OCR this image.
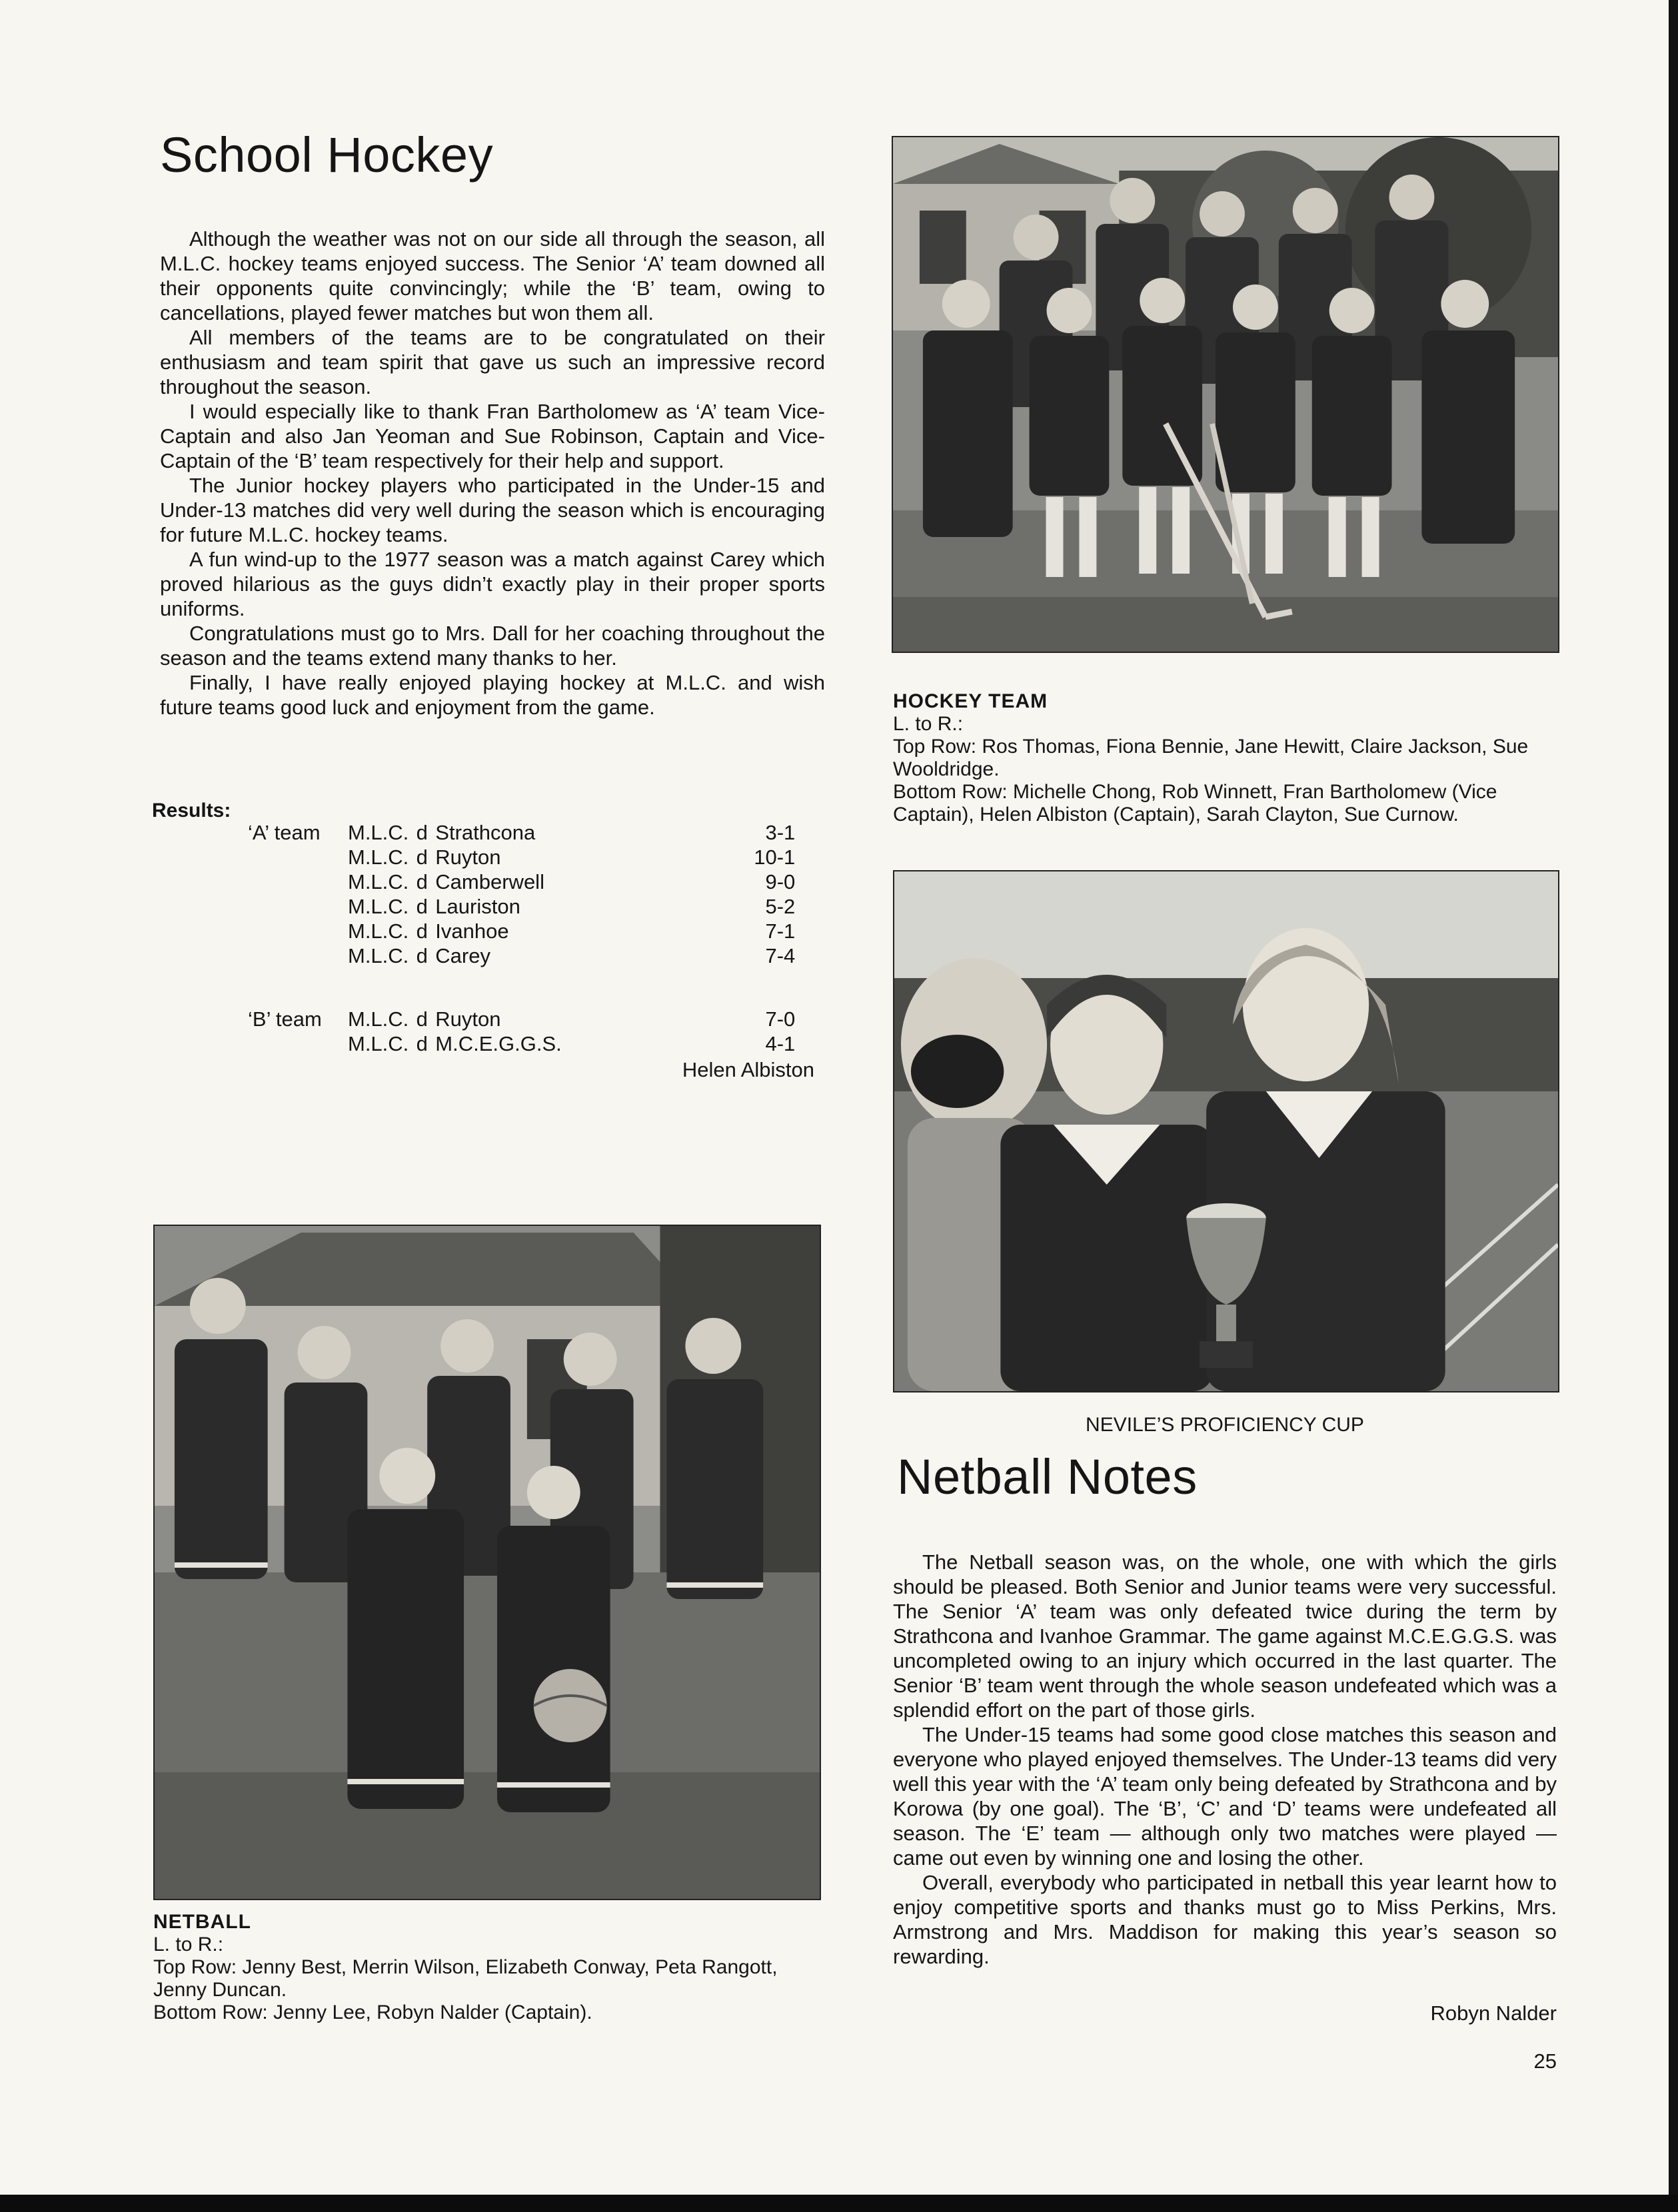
School Hockey

Although the weather was not on our side all through the season, all M.L.C. hockey teams enjoyed success. The Senior ‘A’ team downed all their opponents quite convincingly; while the ‘B’ team, owing to cancellations, played fewer matches but won them all.

All members of the teams are to be congratulated on their enthusiasm and team spirit that gave us such an impressive record throughout the season.

I would especially like to thank Fran Bartholomew as ‘A’ team Vice-Captain and also Jan Yeoman and Sue Robinson, Captain and Vice-Captain of the ‘B’ team respectively for their help and support.

The Junior hockey players who participated in the Under-15 and Under-13 matches did very well during the season which is encouraging for future M.L.C. hockey teams.

A fun wind-up to the 1977 season was a match against Carey which proved hilarious as the guys didn’t exactly play in their proper sports uniforms.

Congratulations must go to Mrs. Dall for her coaching throughout the season and the teams extend many thanks to her.

Finally, I have really enjoyed playing hockey at M.L.C. and wish future teams good luck and enjoyment from the game.

Results:
‘A’ team	M.L.C.	d	Strathcona	3-1
	M.L.C.	d	Ruyton	10-1
	M.L.C.	d	Camberwell	9-0
	M.L.C.	d	Lauriston	5-2
	M.L.C.	d	Ivanhoe	7-1
	M.L.C.	d	Carey	7-4
‘B’ team	M.L.C.	d	Ruyton	7-0
	M.L.C.	d	M.C.E.G.G.S.	4-1
Helen Albiston
HOCKEY TEAM
L. to R.:
Top Row: Ros Thomas, Fiona Bennie, Jane Hewitt, Claire Jackson, Sue Wooldridge.
Bottom Row: Michelle Chong, Rob Winnett, Fran Bartholomew (Vice Captain), Helen Albiston (Captain), Sarah Clayton, Sue Curnow.
NEVILE’S PROFICIENCY CUP
Netball Notes

The Netball season was, on the whole, one with which the girls should be pleased. Both Senior and Junior teams were very successful. The Senior ‘A’ team was only defeated twice during the term by Strathcona and Ivanhoe Grammar. The game against M.C.E.G.G.S. was uncompleted owing to an injury which occurred in the last quarter. The Senior ‘B’ team went through the whole season undefeated which was a splendid effort on the part of those girls.

The Under-15 teams had some good close matches this season and everyone who played enjoyed themselves. The Under-13 teams did very well this year with the ‘A’ team only being defeated by Strathcona and by Korowa (by one goal). The ‘B’, ‘C’ and ‘D’ teams were undefeated all season. The ‘E’ team — although only two matches were played — came out even by winning one and losing the other.

Overall, everybody who participated in netball this year learnt how to enjoy competitive sports and thanks must go to Miss Perkins, Mrs. Armstrong and Mrs. Maddison for making this year’s season so rewarding.

Robyn Nalder
NETBALL
L. to R.:
Top Row: Jenny Best, Merrin Wilson, Elizabeth Conway, Peta Rangott, Jenny Duncan.
Bottom Row: Jenny Lee, Robyn Nalder (Captain).
25
